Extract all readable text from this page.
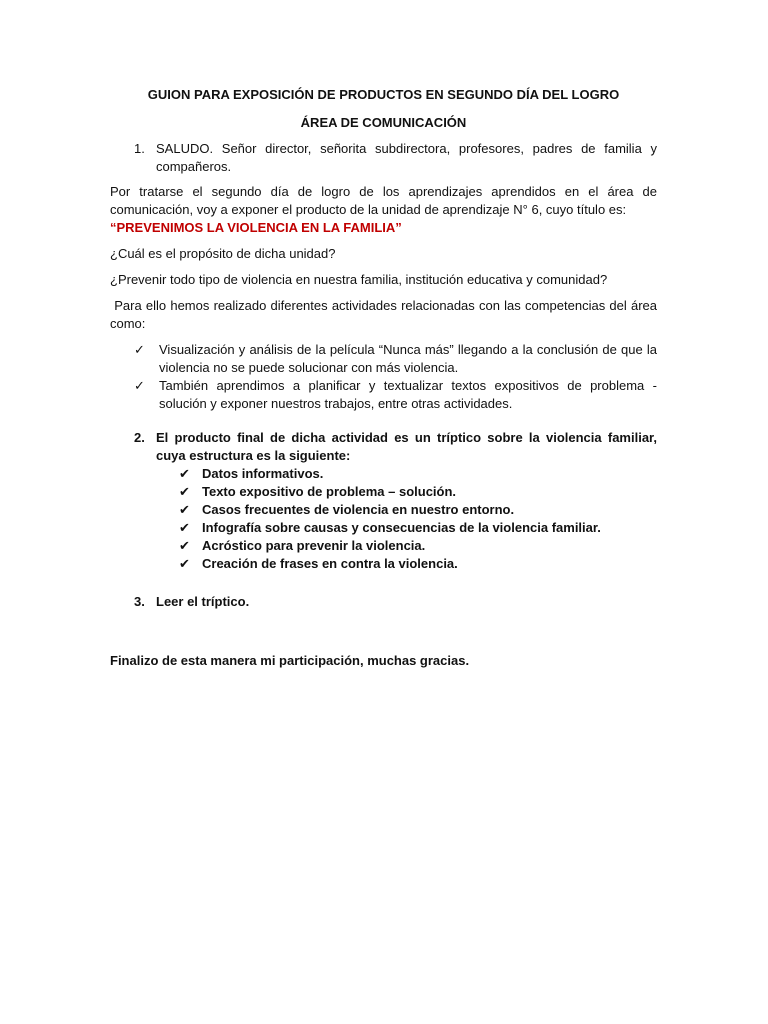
GUION PARA EXPOSICIÓN DE PRODUCTOS EN SEGUNDO DÍA DEL LOGRO
ÁREA DE COMUNICACIÓN
1. SALUDO. Señor director, señorita subdirectora, profesores, padres de familia y compañeros.

Por tratarse el segundo día de logro de los aprendizajes aprendidos en el área de comunicación, voy a exponer el producto de la unidad de aprendizaje N° 6, cuyo título es:
“PREVENIMOS LA VIOLENCIA EN LA FAMILIA”

¿Cuál es el propósito de dicha unidad?

¿Prevenir todo tipo de violencia en nuestra familia, institución educativa y comunidad?

Para ello hemos realizado diferentes actividades relacionadas con las competencias del área como:

✓	Visualización y análisis de la película “Nunca más” llegando a la conclusión de que la violencia no se puede solucionar con más violencia.
✓	También aprendimos a planificar y textualizar textos expositivos de problema - solución y exponer nuestros trabajos, entre otras actividades.
2. El producto final de dicha actividad es un tríptico sobre la violencia familiar, cuya estructura es la siguiente:
✔ Datos informativos.
✔ Texto expositivo de problema – solución.
✔ Casos frecuentes de violencia en nuestro entorno.
✔ Infografía sobre causas y consecuencias de la violencia familiar.
✔ Acróstico para prevenir la violencia.
✔ Creación de frases en contra la violencia.
3. Leer el tríptico.

Finalizo de esta manera mi participación, muchas gracias.
